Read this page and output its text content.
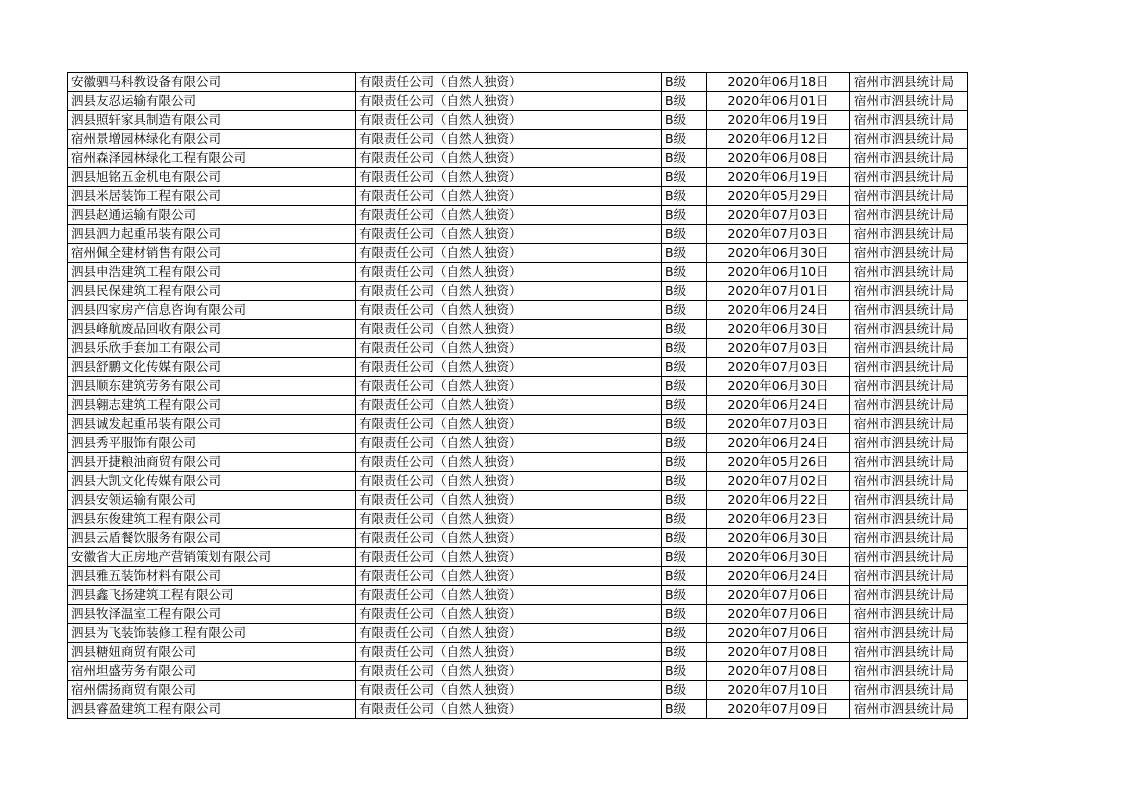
安徽驷马科教设备有限公司	有限责任公司（自然人独资）	B级	2020年06月18日	宿州市泗县统计局
泗县友忍运输有限公司	有限责任公司（自然人独资）	B级	2020年06月01日	宿州市泗县统计局
泗县照轩家具制造有限公司	有限责任公司（自然人独资）	B级	2020年06月19日	宿州市泗县统计局
宿州景增园林绿化有限公司	有限责任公司（自然人独资）	B级	2020年06月12日	宿州市泗县统计局
宿州森泽园林绿化工程有限公司	有限责任公司（自然人独资）	B级	2020年06月08日	宿州市泗县统计局
泗县旭铭五金机电有限公司	有限责任公司（自然人独资）	B级	2020年06月19日	宿州市泗县统计局
泗县米居装饰工程有限公司	有限责任公司（自然人独资）	B级	2020年05月29日	宿州市泗县统计局
泗县赵通运输有限公司	有限责任公司（自然人独资）	B级	2020年07月03日	宿州市泗县统计局
泗县泗力起重吊装有限公司	有限责任公司（自然人独资）	B级	2020年07月03日	宿州市泗县统计局
宿州佩全建材销售有限公司	有限责任公司（自然人独资）	B级	2020年06月30日	宿州市泗县统计局
泗县申浩建筑工程有限公司	有限责任公司（自然人独资）	B级	2020年06月10日	宿州市泗县统计局
泗县民保建筑工程有限公司	有限责任公司（自然人独资）	B级	2020年07月01日	宿州市泗县统计局
泗县四家房产信息咨询有限公司	有限责任公司（自然人独资）	B级	2020年06月24日	宿州市泗县统计局
泗县峰航废品回收有限公司	有限责任公司（自然人独资）	B级	2020年06月30日	宿州市泗县统计局
泗县乐欣手套加工有限公司	有限责任公司（自然人独资）	B级	2020年07月03日	宿州市泗县统计局
泗县舒鹏文化传媒有限公司	有限责任公司（自然人独资）	B级	2020年07月03日	宿州市泗县统计局
泗县顺东建筑劳务有限公司	有限责任公司（自然人独资）	B级	2020年06月30日	宿州市泗县统计局
泗县翱志建筑工程有限公司	有限责任公司（自然人独资）	B级	2020年06月24日	宿州市泗县统计局
泗县诚发起重吊装有限公司	有限责任公司（自然人独资）	B级	2020年07月03日	宿州市泗县统计局
泗县秀平服饰有限公司	有限责任公司（自然人独资）	B级	2020年06月24日	宿州市泗县统计局
泗县开捷粮油商贸有限公司	有限责任公司（自然人独资）	B级	2020年05月26日	宿州市泗县统计局
泗县大凯文化传媒有限公司	有限责任公司（自然人独资）	B级	2020年07月02日	宿州市泗县统计局
泗县安领运输有限公司	有限责任公司（自然人独资）	B级	2020年06月22日	宿州市泗县统计局
泗县东俊建筑工程有限公司	有限责任公司（自然人独资）	B级	2020年06月23日	宿州市泗县统计局
泗县云盾餐饮服务有限公司	有限责任公司（自然人独资）	B级	2020年06月30日	宿州市泗县统计局
安徽省大正房地产营销策划有限公司	有限责任公司（自然人独资）	B级	2020年06月30日	宿州市泗县统计局
泗县雅五装饰材料有限公司	有限责任公司（自然人独资）	B级	2020年06月24日	宿州市泗县统计局
泗县鑫飞扬建筑工程有限公司	有限责任公司（自然人独资）	B级	2020年07月06日	宿州市泗县统计局
泗县牧泽温室工程有限公司	有限责任公司（自然人独资）	B级	2020年07月06日	宿州市泗县统计局
泗县为飞装饰装修工程有限公司	有限责任公司（自然人独资）	B级	2020年07月06日	宿州市泗县统计局
泗县糖妞商贸有限公司	有限责任公司（自然人独资）	B级	2020年07月08日	宿州市泗县统计局
宿州坦盛劳务有限公司	有限责任公司（自然人独资）	B级	2020年07月08日	宿州市泗县统计局
宿州儒扬商贸有限公司	有限责任公司（自然人独资）	B级	2020年07月10日	宿州市泗县统计局
泗县睿盈建筑工程有限公司	有限责任公司（自然人独资）	B级	2020年07月09日	宿州市泗县统计局
